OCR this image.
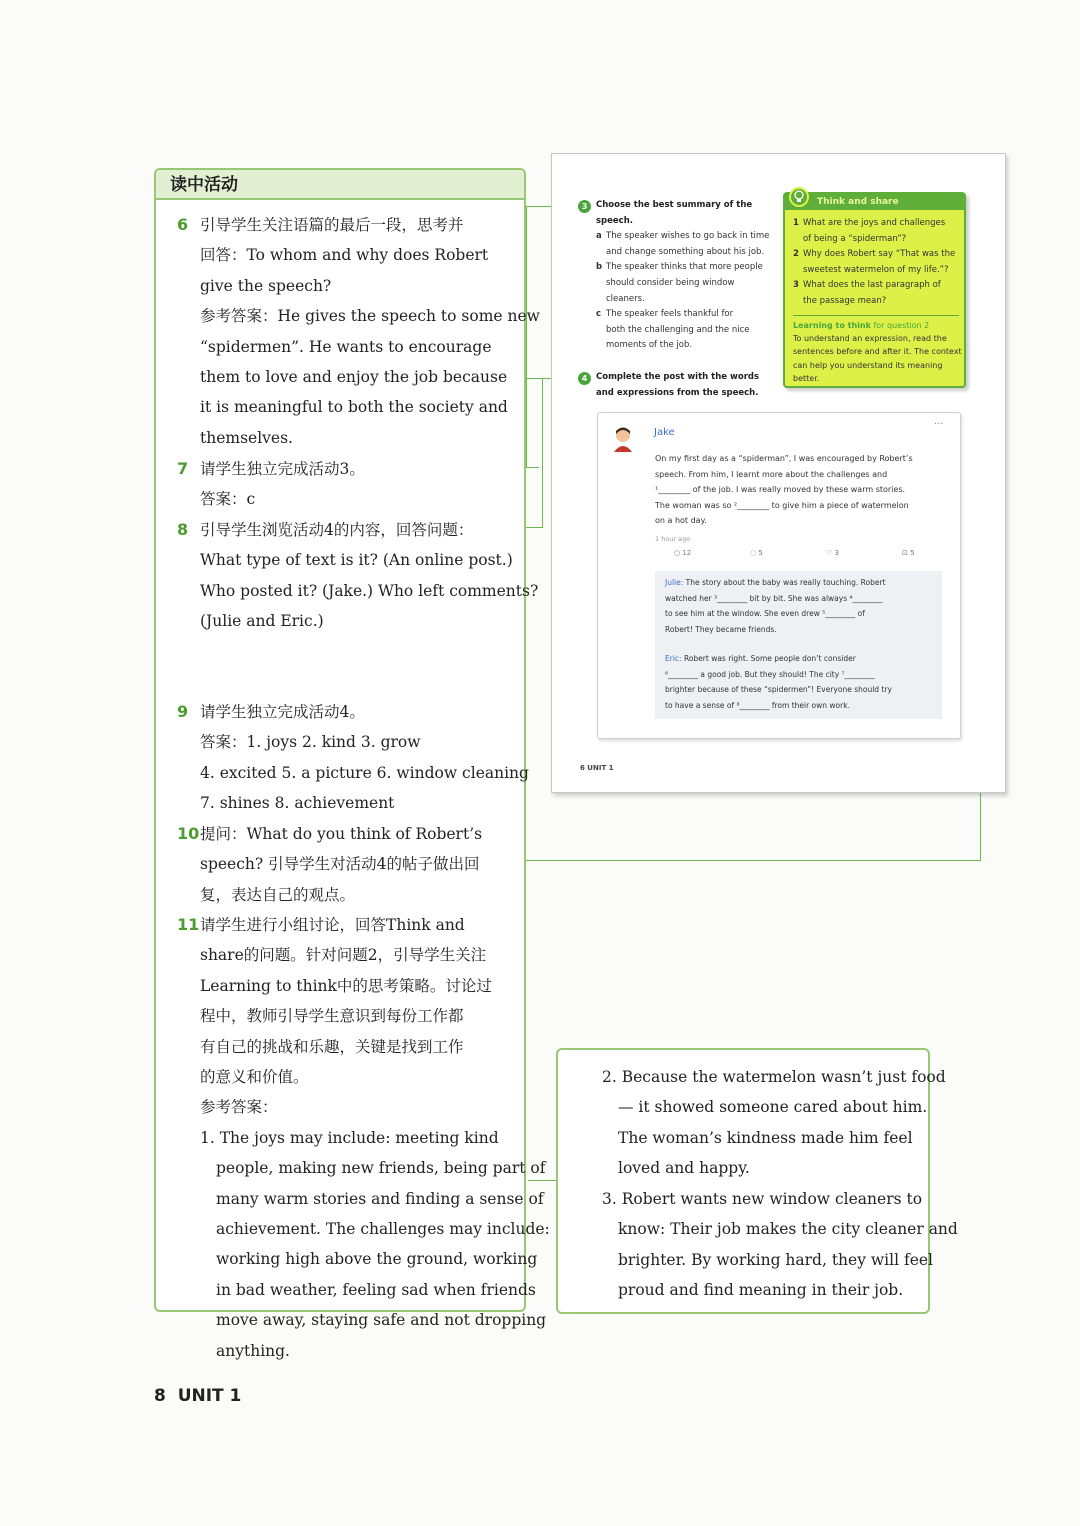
读中活动
6 引导学生关注语篇的最后一段，思考并
回答：To whom and why does Robert
give the speech?
参考答案：He gives the speech to some new
“spidermen”. He wants to encourage
them to love and enjoy the job because
it is meaningful to both the society and
themselves.
7 请学生独立完成活动3。
答案：c
8 引导学生浏览活动4的内容，回答问题：
What type of text is it? (An online post.)
Who posted it? (Jake.) Who left comments?
(Julie and Eric.)
9 请学生独立完成活动4。
答案：1. joys 2. kind 3. grow
4. excited 5. a picture 6. window cleaning
7. shines 8. achievement
10 提问：What do you think of Robert’s
speech? 引导学生对活动4的帖子做出回
复，表达自己的观点。
11 请学生进行小组讨论，回答Think and
share的问题。针对问题2，引导学生关注
Learning to think中的思考策略。讨论过
程中，教师引导学生意识到每份工作都
有自己的挑战和乐趣，关键是找到工作
的意义和价值。
参考答案：
1. The joys may include: meeting kind
people, making new friends, being part of
many warm stories and finding a sense of
achievement. The challenges may include:
working high above the ground, working
in bad weather, feeling sad when friends
move away, staying safe and not dropping
anything.
3	Choose the best summary of the
speech.
a The speaker wishes to go back in time
and change something about his job.
b The speaker thinks that more people
should consider being window
cleaners.
c The speaker feels thankful for
both the challenging and the nice
moments of the job.
Think and share
1 What are the joys and challenges
of being a “spiderman”?
2 Why does Robert say “That was the
sweetest watermelon of my life.”?
3 What does the last paragraph of
the passage mean?
Learning to think for question 2
To understand an expression, read the
sentences before and after it. The context
can help you understand its meaning
better.
4	Complete the post with the words
and expressions from the speech.
Jake
···
On my first day as a “spiderman”, I was encouraged by Robert’s
speech. From him, I learnt more about the challenges and
¹________ of the job. I was really moved by these warm stories.
The woman was so ²________ to give him a piece of watermelon
on a hot day.
1 hour ago
○ 12	◌ 5	♡ 3	⊡ 5
Julie: The story about the baby was really touching. Robert
watched her ³________ bit by bit. She was always ⁴________
to see him at the window. She even drew ⁵________ of
Robert! They became friends.
Eric: Robert was right. Some people don’t consider
⁶________ a good job. But they should! The city ⁷________
brighter because of these “spidermen”! Everyone should try
to have a sense of ⁸________ from their own work.
6 UNIT 1
2. Because the watermelon wasn’t just food
— it showed someone cared about him.
The woman’s kindness made him feel
loved and happy.
3. Robert wants new window cleaners to
know: Their job makes the city cleaner and
brighter. By working hard, they will feel
proud and find meaning in their job.
8 UNIT 1
